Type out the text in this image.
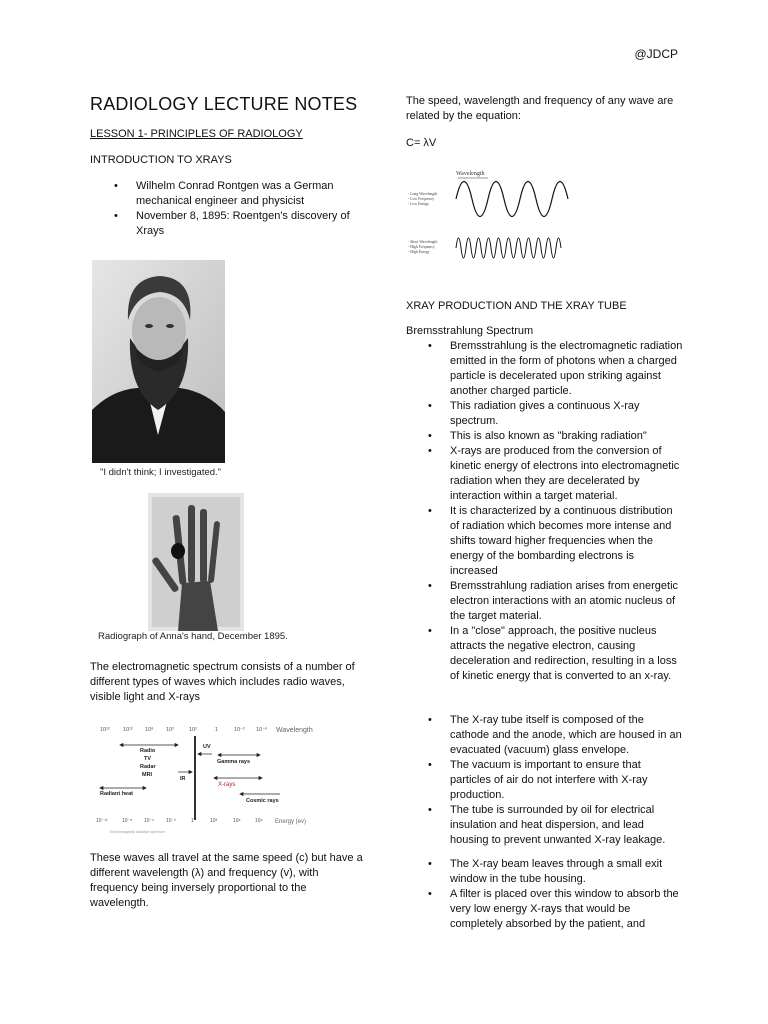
@JDCP
RADIOLOGY LECTURE NOTES
LESSON 1- PRINCIPLES OF RADIOLOGY
INTRODUCTION TO XRAYS
• Wilhelm Conrad Rontgen was a German mechanical engineer and physicist
• November 8, 1895: Roentgen's discovery of Xrays
"I didn't think; I investigated."
Radiograph of Anna's hand, December 1895.
The electromagnetic spectrum consists of a number of different types of waves which includes radio waves, visible light and X-rays
10¹² 10¹² 10⁸ 10²	10²	1	10⁻² 10⁻⁶ Wavelength
Radio
TV
Radar
MRI
UV
IR
Gamma rays
Radiant heat
Cosmic rays
X-rays
10⁻¹²	10⁻⁸ 10⁻⁶ 10⁻²	1	10³	10⁶	10⁹ Energy (ev)
Electromagnetic radiation spectrum
These waves all travel at the same speed (c) but have a different wavelength (λ) and frequency (v), with frequency being inversely proportional to the wavelength.
The speed, wavelength and frequency of any wave are related by the equation:
C= λV
Wavelength
- Long Wavelength
- Low Frequency
- Low Energy
- Short Wavelength
- High Frequency
- High Energy
XRAY PRODUCTION AND THE XRAY TUBE
Bremsstrahlung Spectrum
• Bremsstrahlung is the electromagnetic radiation emitted in the form of photons when a charged particle is decelerated upon striking against another charged particle.
• This radiation gives a continuous X-ray spectrum.
• This is also known as "braking radiation"
• X-rays are produced from the conversion of kinetic energy of electrons into electromagnetic radiation when they are decelerated by interaction within a target material.
• It is characterized by a continuous distribution of radiation which becomes more intense and shifts toward higher frequencies when the energy of the bombarding electrons is increased
• Bremsstrahlung radiation arises from energetic electron interactions with an atomic nucleus of the target material.
• In a "close" approach, the positive nucleus attracts the negative electron, causing deceleration and redirection, resulting in a loss of kinetic energy that is converted to an x-ray.
• The X-ray tube itself is composed of the cathode and the anode, which are housed in an evacuated (vacuum) glass envelope.
• The vacuum is important to ensure that particles of air do not interfere with X-ray production.
• The tube is surrounded by oil for electrical insulation and heat dispersion, and lead housing to prevent unwanted X-ray leakage.
• The X-ray beam leaves through a small exit window in the tube housing.
• A filter is placed over this window to absorb the very low energy X-rays that would be completely absorbed by the patient, and
